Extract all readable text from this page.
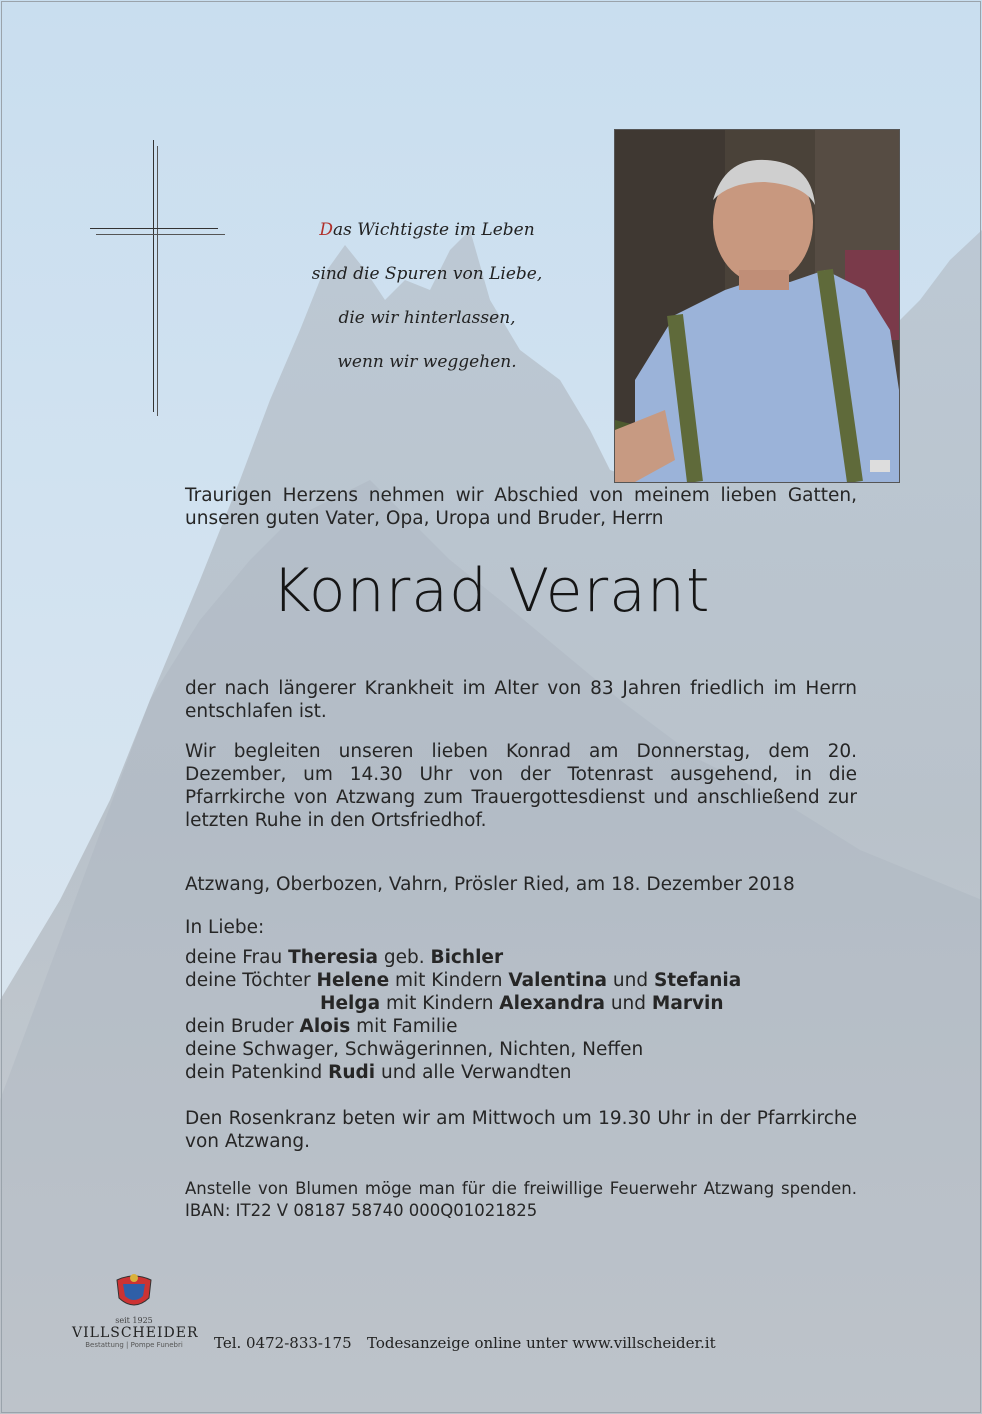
Das Wichtigste im Leben
sind die Spuren von Liebe,
die wir hinterlassen,
wenn wir weggehen.
Traurigen Herzens nehmen wir Abschied von meinem lieben Gatten,
unseren guten Vater, Opa, Uropa und Bruder, Herrn
Konrad Verant
der nach längerer Krankheit im Alter von 83 Jahren friedlich im Herrn entschlafen ist.
Wir begleiten unseren lieben Konrad am Donnerstag, dem 20. Dezember, um 14.30 Uhr von der Totenrast ausgehend, in die Pfarrkirche von Atzwang zum Trauergottesdienst und anschließend zur letzten Ruhe in den Ortsfriedhof.
Atzwang, Oberbozen, Vahrn, Prösler Ried, am 18. Dezember 2018
In Liebe:
deine Frau Theresia geb. Bichler
deine Töchter Helene mit Kindern Valentina und Stefania
Helga mit Kindern Alexandra und Marvin
dein Bruder Alois mit Familie
deine Schwager, Schwägerinnen, Nichten, Neffen
dein Patenkind Rudi und alle Verwandten
Den Rosenkranz beten wir am Mittwoch um 19.30 Uhr in der Pfarrkirche von Atzwang.
Anstelle von Blumen möge man für die freiwillige Feuerwehr Atzwang spenden.
IBAN: IT22 V 08187 58740 000Q01021825
seit 1925
VILLSCHEIDER
Bestattung | Pompe Funebri	Tel. 0472-833-175 Todesanzeige online unter www.villscheider.it
